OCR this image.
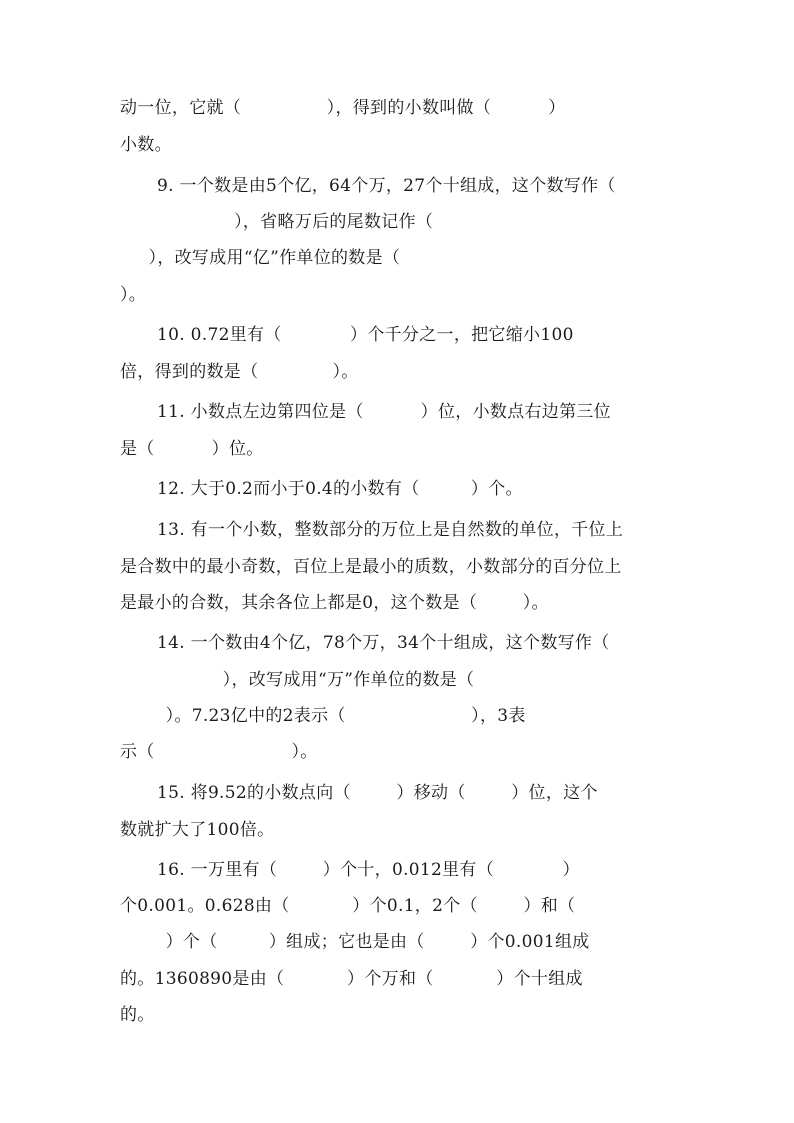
动一位，它就（               ），得到的小数叫做（          ）
小数。
9. 一个数是由5个亿，64个万，27个十组成，这个数写作（
），省略万后的尾数记作（
），改写成用“亿”作单位的数是（
）。
10. 0.72里有（            ）个千分之一，把它缩小100
倍，得到的数是（             ）。
11. 小数点左边第四位是（          ）位，小数点右边第三位
是（          ）位。
12. 大于0.2而小于0.4的小数有（         ）个。
13. 有一个小数，整数部分的万位上是自然数的单位，千位上
是合数中的最小奇数，百位上是最小的质数，小数部分的百分位上
是最小的合数，其余各位上都是0，这个数是（        ）。
14. 一个数由4个亿，78个万，34个十组成，这个数写作（
），改写成用“万”作单位的数是（
）。7.23亿中的2表示（                      ），3表
示（                        ）。
15. 将9.52的小数点向（        ）移动（        ）位，这个
数就扩大了100倍。
16. 一万里有（        ）个十，0.012里有（            ）
个0.001。0.628由（           ）个0.1，2个（        ）和（
）个（         ）组成；它也是由（        ）个0.001组成
的。1360890是由（           ）个万和（           ）个十组成
的。
